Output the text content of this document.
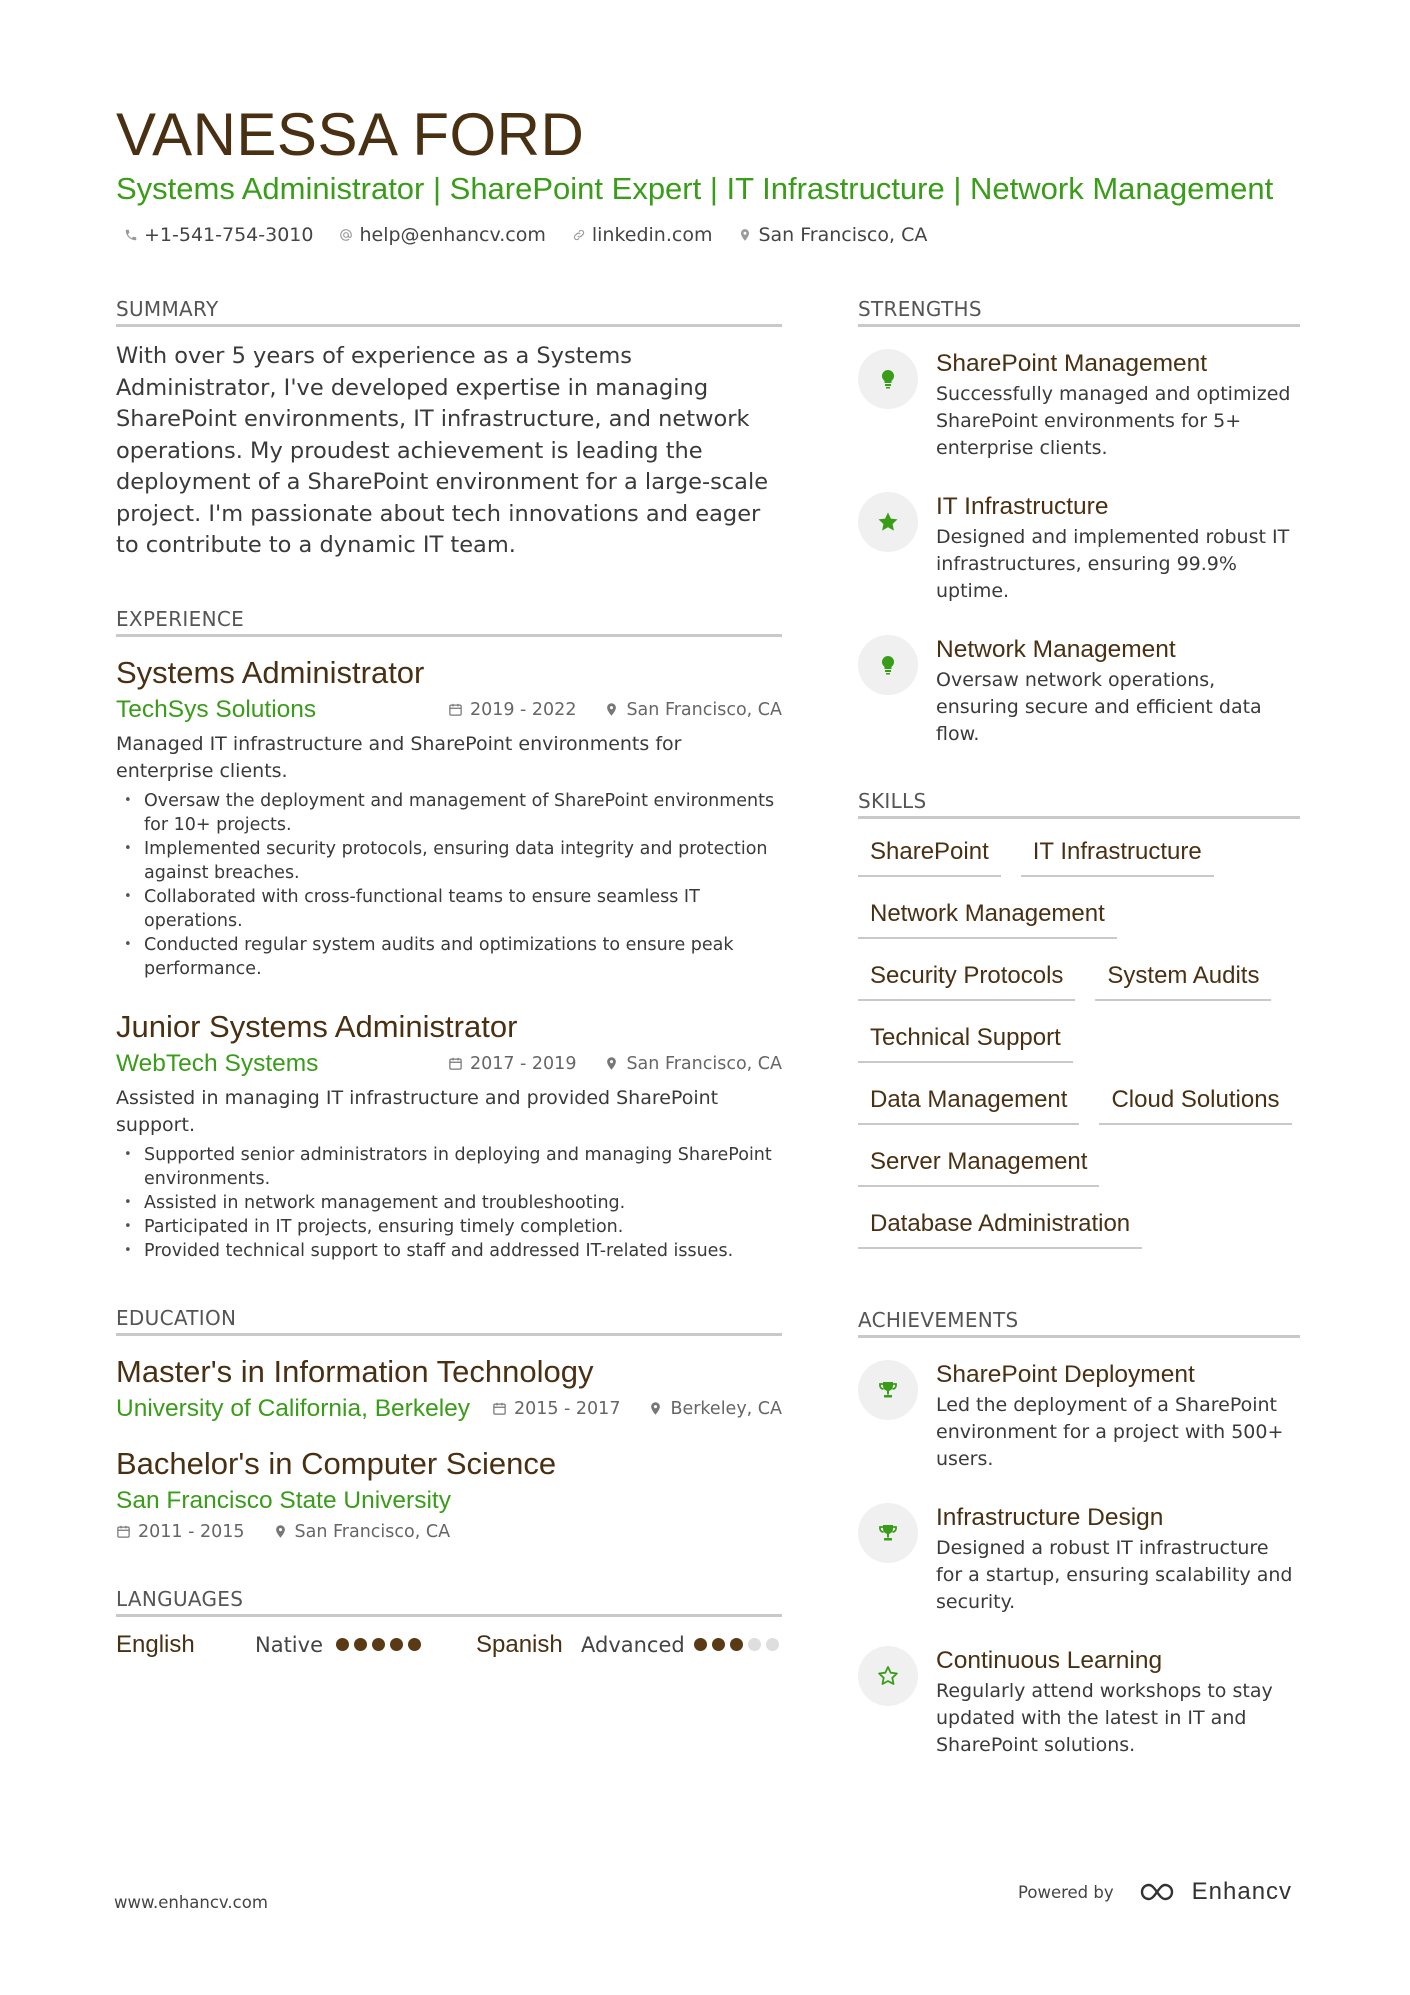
VANESSA FORD
Systems Administrator | SharePoint Expert | IT Infrastructure | Network Management
+1-541-754-3010 help@enhancv.com linkedin.com San Francisco, CA
SUMMARY

With over 5 years of experience as a Systems Administrator, I've developed expertise in managing SharePoint environments, IT infrastructure, and network operations. My proudest achievement is leading the deployment of a SharePoint environment for a large-scale project. I'm passionate about tech innovations and eager to contribute to a dynamic IT team.

EXPERIENCE
Systems Administrator
TechSys Solutions	2019 - 2022	San Francisco, CA
Managed IT infrastructure and SharePoint environments for enterprise clients.
• Oversaw the deployment and management of SharePoint environments for 10+ projects.
• Implemented security protocols, ensuring data integrity and protection against breaches.
• Collaborated with cross-functional teams to ensure seamless IT operations.
• Conducted regular system audits and optimizations to ensure peak performance.
Junior Systems Administrator
WebTech Systems	2017 - 2019	San Francisco, CA
Assisted in managing IT infrastructure and provided SharePoint support.
• Supported senior administrators in deploying and managing SharePoint environments.
• Assisted in network management and troubleshooting.
• Participated in IT projects, ensuring timely completion.
• Provided technical support to staff and addressed IT-related issues.
EDUCATION
Master's in Information Technology
University of California, Berkeley	2015 - 2017	Berkeley, CA
Bachelor's in Computer Science
San Francisco State University
2011 - 2015	San Francisco, CA
LANGUAGES
English	Native	Spanish Advanced
STRENGTHS
SharePoint Management
Successfully managed and optimized SharePoint environments for 5+ enterprise clients.
IT Infrastructure
Designed and implemented robust IT infrastructures, ensuring 99.9% uptime.
Network Management
Oversaw network operations, ensuring secure and efficient data flow.
SKILLS
SharePoint	IT Infrastructure
Network Management
Security Protocols	System Audits
Technical Support
Data Management	Cloud Solutions
Server Management
Database Administration
ACHIEVEMENTS
SharePoint Deployment
Led the deployment of a SharePoint environment for a project with 500+ users.
Infrastructure Design
Designed a robust IT infrastructure for a startup, ensuring scalability and security.
Continuous Learning
Regularly attend workshops to stay updated with the latest in IT and SharePoint solutions.
www.enhancv.com
Powered by	Enhancv
